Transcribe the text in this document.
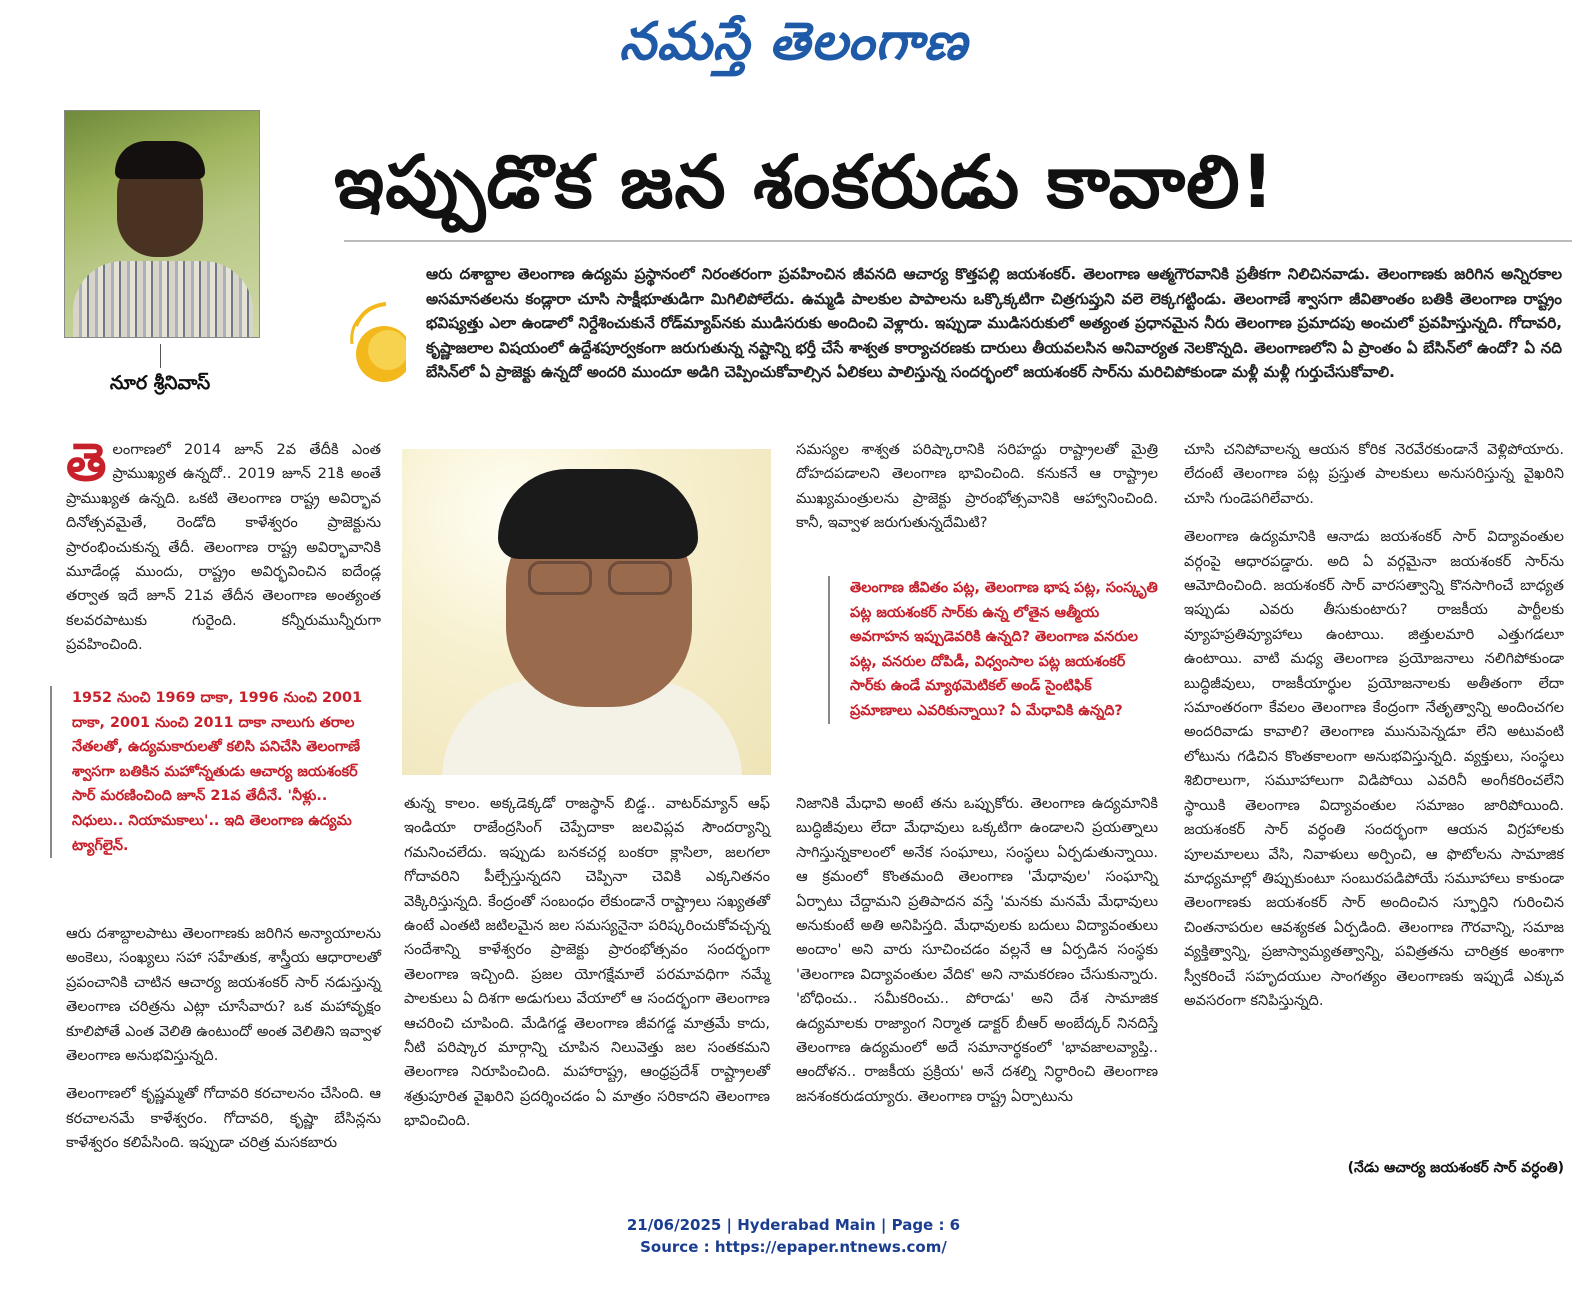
నమస్తే తెలంగాణ
నూర శ్రీనివాస్
ఇప్పుడొక జన శంకరుడు కావాలి!
ఆరు దశాబ్దాల తెలంగాణ ఉద్యమ ప్రస్థానంలో నిరంతరంగా ప్రవహించిన జీవనది ఆచార్య కొత్తపల్లి జయశంకర్. తెలంగాణ ఆత్మగౌరవానికి ప్రతీకగా నిలిచినవాడు. తెలంగాణకు జరిగిన అన్నిరకాల అసమానతలను కండ్లారా చూసి సాక్షీభూతుడిగా మిగిలిపోలేదు. ఉమ్మడి పాలకుల పాపాలను ఒక్కొక్కటిగా చిత్రగుప్తుని వలె లెక్కగట్టిండు. తెలంగాణే శ్వాసగా జీవితాంతం బతికి తెలంగాణ రాష్ట్రం భవిష్యత్తు ఎలా ఉండాలో నిర్దేశించుకునే రోడ్‌మ్యాప్‌నకు ముడిసరుకు అందించి వెళ్లారు. ఇప్పుడా ముడిసరుకులో అత్యంత ప్రధానమైన నీరు తెలంగాణ ప్రమాదపు అంచులో ప్రవహిస్తున్నది. గోదావరి, కృష్ణాజలాల విషయంలో ఉద్దేశపూర్వకంగా జరుగుతున్న నష్టాన్ని భర్తీ చేసే శాశ్వత కార్యాచరణకు దారులు తీయవలసిన అనివార్యత నెలకొన్నది. తెలంగాణలోని ఏ ప్రాంతం ఏ బేసిన్‌లో ఉందో? ఏ నది బేసిన్‌లో ఏ ప్రాజెక్టు ఉన్నదో అందరి ముందూ అడిగి చెప్పించుకోవాల్సిన ఏలికలు పాలిస్తున్న సందర్భంలో జయశంకర్ సార్‌ను మరిచిపోకుండా మళ్లీ మళ్లీ గుర్తుచేసుకోవాలి.
తె లంగాణలో 2014 జూన్ 2వ తేదీకి ఎంత ప్రాముఖ్యత ఉన్నదో.. 2019 జూన్ 21కి అంతే ప్రాముఖ్యత ఉన్నది. ఒకటి తెలంగాణ రాష్ట్ర అవిర్భావ దినోత్సవమైతే, రెండోది కాళేశ్వరం ప్రాజెక్టును ప్రారంభించుకున్న తేదీ. తెలంగాణ రాష్ట్ర అవిర్భావానికి మూడేండ్ల ముందు, రాష్ట్రం అవిర్భవించిన ఐదేండ్ల తర్వాత ఇదే జూన్ 21వ తేదీన తెలంగాణ అంత్యంత కలవరపాటుకు గురైంది. కన్నీరుమున్నీరుగా ప్రవహించింది.
1952 నుంచి 1969 దాకా, 1996 నుంచి 2001 దాకా, 2001 నుంచి 2011 దాకా నాలుగు తరాల నేతలతో, ఉద్యమకారులతో కలిసి పనిచేసి తెలంగాణే శ్వాసగా బతికిన మహోన్నతుడు ఆచార్య జయశంకర్ సార్ మరణించింది జూన్ 21వ తేదీనే. 'నీళ్లు.. నిధులు.. నియామకాలు'.. ఇది తెలంగాణ ఉద్యమ ట్యాగ్‌లైన్.

ఆరు దశాబ్దాలపాటు తెలంగాణకు జరిగిన అన్యాయాలను అంకెలు, సంఖ్యలు సహా సహేతుక, శాస్త్రీయ ఆధారాలతో ప్రపంచానికి చాటిన ఆచార్య జయశంకర్ సార్ నడుస్తున్న తెలంగాణ చరిత్రను ఎట్లా చూసేవారు? ఒక మహావృక్షం కూలిపోతే ఎంత వెలితి ఉంటుందో అంత వెలితిని ఇవ్వాళ తెలంగాణ అనుభవిస్తున్నది.

తెలంగాణలో కృష్ణమ్మతో గోదావరి కరచాలనం చేసింది. ఆ కరచాలనమే కాళేశ్వరం. గోదావరి, కృష్ణా బేసిన్లను కాళేశ్వరం కలిపేసింది. ఇప్పుడా చరిత్ర మసకబారు

తున్న కాలం. అక్కడెక్కడో రాజస్థాన్ బిడ్డ.. వాటర్‌మ్యాన్ ఆఫ్ ఇండియా రాజేంద్రసింగ్ చెప్పేదాకా జలవిప్లవ సౌందర్యాన్ని గమనించలేదు. ఇప్పుడు బనకచర్ల బంకరా క్లాసిలా, జలగలా గోదావరిని పీల్చేస్తున్నదని చెప్పినా చెవికి ఎక్కనితనం వెక్కిరిస్తున్నది. కేంద్రంతో సంబంధం లేకుండానే రాష్ట్రాలు సఖ్యతతో ఉంటే ఎంతటి జటిలమైన జల సమస్యనైనా పరిష్కరించుకోవచ్చన్న సందేశాన్ని కాళేశ్వరం ప్రాజెక్టు ప్రారంభోత్సవం సందర్భంగా తెలంగాణ ఇచ్చింది. ప్రజల యోగక్షేమాలే పరమావధిగా నమ్మే పాలకులు ఏ దిశగా అడుగులు వేయాలో ఆ సందర్భంగా తెలంగాణ ఆచరించి చూపింది. మేడిగడ్డ తెలంగాణ జీవగడ్డ మాత్రమే కాదు, నీటి పరిష్కార మార్గాన్ని చూపిన నిలువెత్తు జల సంతకమని తెలంగాణ నిరూపించింది. మహారాష్ట్ర, ఆంధ్రప్రదేశ్ రాష్ట్రాలతో శత్రుపూరిత వైఖరిని ప్రదర్శించడం ఏ మాత్రం సరికాదని తెలంగాణ భావించింది.

సమస్యల శాశ్వత పరిష్కారానికి సరిహద్దు రాష్ట్రాలతో మైత్రి దోహదపడాలని తెలంగాణ భావించింది. కనుకనే ఆ రాష్ట్రాల ముఖ్యమంత్రులను ప్రాజెక్టు ప్రారంభోత్సవానికి ఆహ్వానించింది. కానీ, ఇవ్వాళ జరుగుతున్నదేమిటి?

తెలంగాణ జీవితం పట్ల, తెలంగాణ భాష పట్ల, సంస్కృతి పట్ల జయశంకర్ సార్‌కు ఉన్న లోతైన ఆత్మీయ అవగాహన ఇప్పుడెవరికి ఉన్నది? తెలంగాణ వనరుల పట్ల, వనరుల దోపిడీ, విధ్వంసాల పట్ల జయశంకర్ సార్‌కు ఉండే మ్యాథమెటికల్ అండ్ సైంటిఫిక్ ప్రమాణాలు ఎవరికున్నాయి? ఏ మేధావికి ఉన్నది?

నిజానికి మేధావి అంటే తను ఒప్పుకోరు. తెలంగాణ ఉద్యమానికి బుద్ధిజీవులు లేదా మేధావులు ఒక్కటిగా ఉండాలని ప్రయత్నాలు సాగిస్తున్నకాలంలో అనేక సంఘాలు, సంస్థలు ఏర్పడుతున్నాయి. ఆ క్రమంలో కొంతమంది తెలంగాణ 'మేధావుల' సంఘాన్ని ఏర్పాటు చేద్దామని ప్రతిపాదన వస్తే 'మనకు మనమే మేధావులు అనుకుంటే అతి అనిపిస్తది. మేధావులకు బదులు విద్యావంతులు అందాం' అని వారు సూచించడం వల్లనే ఆ ఏర్పడిన సంస్థకు 'తెలంగాణ విద్యావంతుల వేదిక' అని నామకరణం చేసుకున్నారు. 'బోధించు.. సమీకరించు.. పోరాడు' అని దేశ సామాజిక ఉద్యమాలకు రాజ్యాంగ నిర్మాత డాక్టర్ బీఆర్ అంబేద్కర్ నినదిస్తే తెలంగాణ ఉద్యమంలో అదే సమానార్థకంలో 'భావజాలవ్యాప్తి.. ఆందోళన.. రాజకీయ ప్రక్రియ' అనే దశల్ని నిర్ధారించి తెలంగాణ జనశంకరుడయ్యారు. తెలంగాణ రాష్ట్ర ఏర్పాటును

చూసి చనిపోవాలన్న ఆయన కోరిక నెరవేరకుండానే వెళ్లిపోయారు. లేదంటే తెలంగాణ పట్ల ప్రస్తుత పాలకులు అనుసరిస్తున్న వైఖరిని చూసి గుండెపగిలేవారు.

తెలంగాణ ఉద్యమానికి ఆనాడు జయశంకర్ సార్ విద్యావంతుల వర్గంపై ఆధారపడ్డారు. అది ఏ వర్గమైనా జయశంకర్ సార్‌ను ఆమోదించింది. జయశంకర్ సార్ వారసత్వాన్ని కొనసాగించే బాధ్యత ఇప్పుడు ఎవరు తీసుకుంటారు? రాజకీయ పార్టీలకు వ్యూహప్రతివ్యూహాలు ఉంటాయి. జిత్తులమారి ఎత్తుగడలూ ఉంటాయి. వాటి మధ్య తెలంగాణ ప్రయోజనాలు నలిగిపోకుండా బుద్ధిజీవులు, రాజకీయార్థుల ప్రయోజనాలకు అతీతంగా లేదా సమాంతరంగా కేవలం తెలంగాణ కేంద్రంగా నేతృత్వాన్ని అందించగల అందరివాడు కావాలి? తెలంగాణ మునుపెన్నడూ లేని అటువంటి లోటును గడిచిన కొంతకాలంగా అనుభవిస్తున్నది. వ్యక్తులు, సంస్థలు శిబిరాలుగా, సమూహాలుగా విడిపోయి ఎవరినీ అంగీకరించలేని స్థాయికి తెలంగాణ విద్యావంతుల సమాజం జారిపోయింది. జయశంకర్ సార్ వర్ధంతి సందర్భంగా ఆయన విగ్రహాలకు పూలమాలలు వేసి, నివాళులు అర్పించి, ఆ ఫొటోలను సామాజిక మాధ్యమాల్లో తిప్పుకుంటూ సంబురపడిపోయే సమూహాలు కాకుండా తెలంగాణకు జయశంకర్ సార్ అందించిన స్ఫూర్తిని గురించిన చింతనాపరుల ఆవశ్యకత ఏర్పడింది. తెలంగాణ గౌరవాన్ని, సమాజ వ్యక్తిత్వాన్ని, ప్రజాస్వామ్యతత్వాన్ని, పవిత్రతను చారిత్రక అంశాగా స్వీకరించే సహృదయుల సాంగత్యం తెలంగాణకు ఇప్పుడే ఎక్కువ అవసరంగా కనిపిస్తున్నది.

(నేడు ఆచార్య జయశంకర్ సార్ వర్ధంతి)
21/06/2025 | Hyderabad Main | Page : 6
Source : https://epaper.ntnews.com/
